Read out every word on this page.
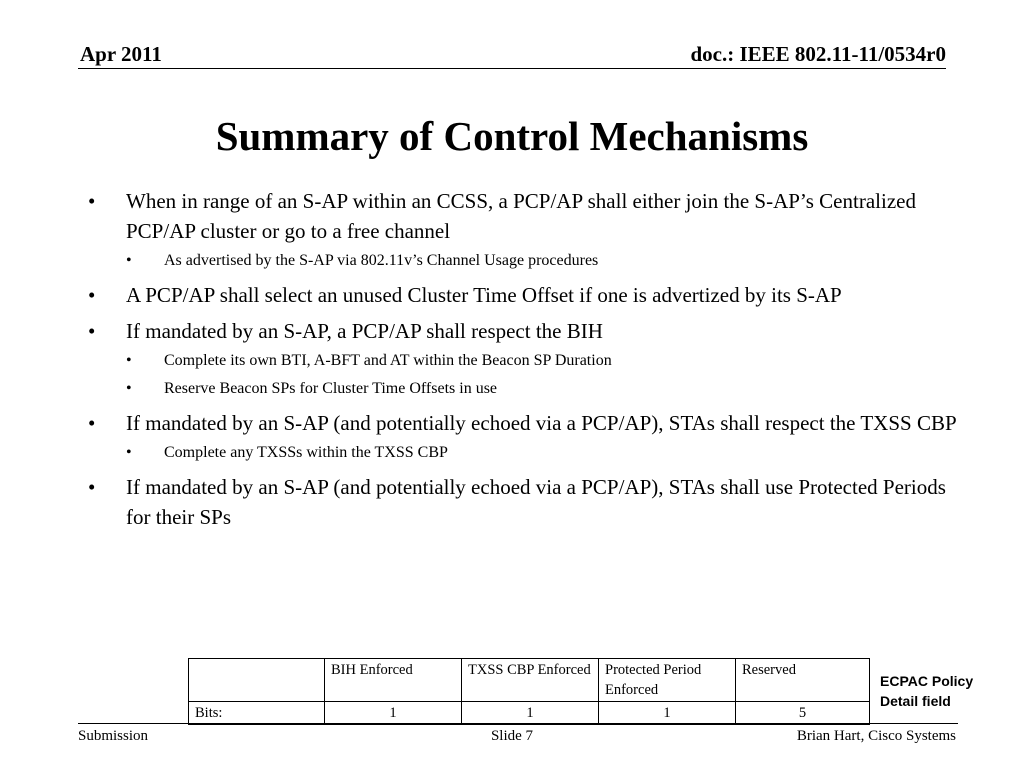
Apr 2011	doc.: IEEE 802.11-11/0534r0
Summary of Control Mechanisms
• When in range of an S-AP within an CCSS, a PCP/AP shall either join the S-AP’s Centralized PCP/AP cluster or go to a free channel
• As advertised by the S-AP via 802.11v’s Channel Usage procedures
• A PCP/AP shall select an unused Cluster Time Offset if one is advertized by its S-AP
• If mandated by an S-AP, a PCP/AP shall respect the BIH
• Complete its own BTI, A-BFT and AT within the Beacon SP Duration
• Reserve Beacon SPs for Cluster Time Offsets in use
• If mandated by an S-AP (and potentially echoed via a PCP/AP), STAs shall respect the TXSS CBP
• Complete any TXSSs within the TXSS CBP
• If mandated by an S-AP (and potentially echoed via a PCP/AP), STAs shall use Protected Periods for their SPs
	BIH Enforced	TXSS CBP Enforced	Protected Period Enforced	Reserved
Bits:	1	1	1	5
ECPAC Policy Detail field
Submission	Slide 7	Brian Hart, Cisco Systems
